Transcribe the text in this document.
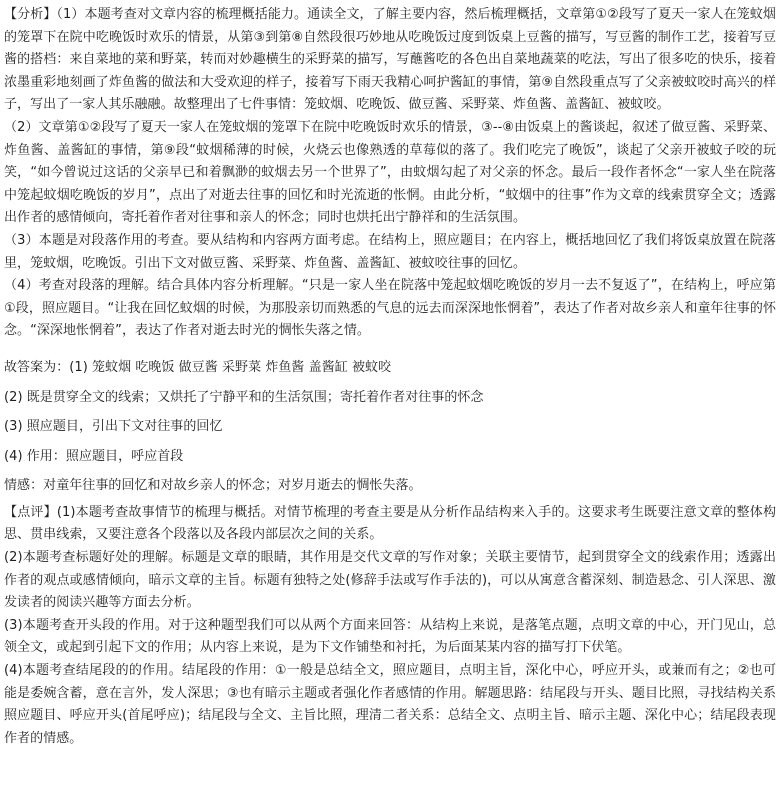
【分析】（1）本题考查对文章内容的梳理概括能力。通读全文，了解主要内容，然后梳理概括，文章第①②段写了夏天一家人在笼蚊烟的笼罩下在院中吃晚饭时欢乐的情景，从第③到第⑧自然段很巧妙地从吃晚饭过度到饭桌上豆酱的描写，写豆酱的制作工艺，接着写豆酱的搭档：来自菜地的菜和野菜，转而对妙趣横生的采野菜的描写，写蘸酱吃的各色出自菜地蔬菜的吃法，写出了很多吃的快乐，接着浓墨重彩地刻画了炸鱼酱的做法和大受欢迎的样子，接着写下雨天我精心呵护酱缸的事情，第⑨自然段重点写了父亲被蚊咬时高兴的样子，写出了一家人其乐融融。故整理出了七件事情：笼蚊烟、吃晚饭、做豆酱、采野菜、炸鱼酱、盖酱缸、被蚊咬。

（2）文章第①②段写了夏天一家人在笼蚊烟的笼罩下在院中吃晚饭时欢乐的情景，③--⑧由饭桌上的酱谈起，叙述了做豆酱、采野菜、炸鱼酱、盖酱缸的事情，第⑨段“蚊烟稀薄的时候，火烧云也像熟透的草莓似的落了。我们吃完了晚饭”，谈起了父亲开被蚊子咬的玩笑，“如今曾说过这话的父亲早已和着飘渺的蚊烟去另一个世界了”，由蚊烟勾起了对父亲的怀念。最后一段作者怀念“一家人坐在院落中笼起蚊烟吃晚饭的岁月”，点出了对逝去往事的回忆和时光流逝的怅惘。由此分析，“蚊烟中的往事”作为文章的线索贯穿全文；透露出作者的感情倾向，寄托着作者对往事和亲人的怀念；同时也烘托出宁静祥和的生活氛围。

（3）本题是对段落作用的考查。要从结构和内容两方面考虑。在结构上，照应题目；在内容上，概括地回忆了我们将饭桌放置在院落里，笼蚊烟，吃晚饭。引出下文对做豆酱、采野菜、炸鱼酱、盖酱缸、被蚊咬往事的回忆。

（4）考查对段落的理解。结合具体内容分析理解。“只是一家人坐在院落中笼起蚊烟吃晚饭的岁月一去不复返了”，在结构上，呼应第①段，照应题目。“让我在回忆蚊烟的时候，为那股亲切而熟悉的气息的远去而深深地怅惘着”，表达了作者对故乡亲人和童年往事的怀念。“深深地怅惘着”，表达了作者对逝去时光的惆怅失落之情。

故答案为：(1) 笼蚊烟 吃晚饭 做豆酱 采野菜 炸鱼酱 盖酱缸 被蚊咬

(2) 既是贯穿全文的线索；又烘托了宁静平和的生活氛围；寄托着作者对往事的怀念

(3) 照应题目，引出下文对往事的回忆

(4) 作用：照应题目，呼应首段

情感：对童年往事的回忆和对故乡亲人的怀念；对岁月逝去的惆怅失落。

【点评】(1)本题考查故事情节的梳理与概括。对情节梳理的考查主要是从分析作品结构来入手的。这要求考生既要注意文章的整体构思、贯串线索，又要注意各个段落以及各段内部层次之间的关系。

(2)本题考查标题好处的理解。标题是文章的眼睛，其作用是交代文章的写作对象；关联主要情节，起到贯穿全文的线索作用；透露出作者的观点或感情倾向，暗示文章的主旨。标题有独特之处(修辞手法或写作手法的)，可以从寓意含蓄深刻、制造悬念、引人深思、激发读者的阅读兴趣等方面去分析。

(3)本题考查开头段的作用。对于这种题型我们可以从两个方面来回答：从结构上来说，是落笔点题，点明文章的中心，开门见山，总领全文，或起到引起下文的作用；从内容上来说，是为下文作铺垫和衬托，为后面某某内容的描写打下伏笔。

(4)本题考查结尾段的的作用。结尾段的作用：①一般是总结全文，照应题目，点明主旨，深化中心，呼应开头，或兼而有之；②也可能是委婉含蓄，意在言外，发人深思；③也有暗示主题或者强化作者感情的作用。解题思路：结尾段与开头、题目比照，寻找结构关系照应题目、呼应开头(首尾呼应)；结尾段与全文、主旨比照，理清二者关系：总结全文、点明主旨、暗示主题、深化中心；结尾段表现作者的情感。
